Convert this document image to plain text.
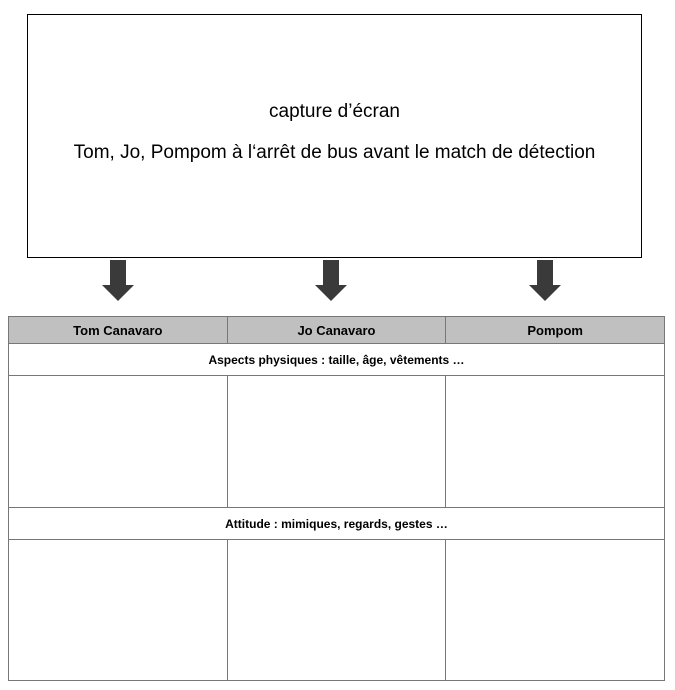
capture d’écran
Tom, Jo, Pompom à l‘arrêt de bus avant le match de détection
Tom Canavaro	Jo Canavaro	Pompom
Aspects physiques : taille, âge, vêtements …		

Attitude : mimiques, regards, gestes …		
